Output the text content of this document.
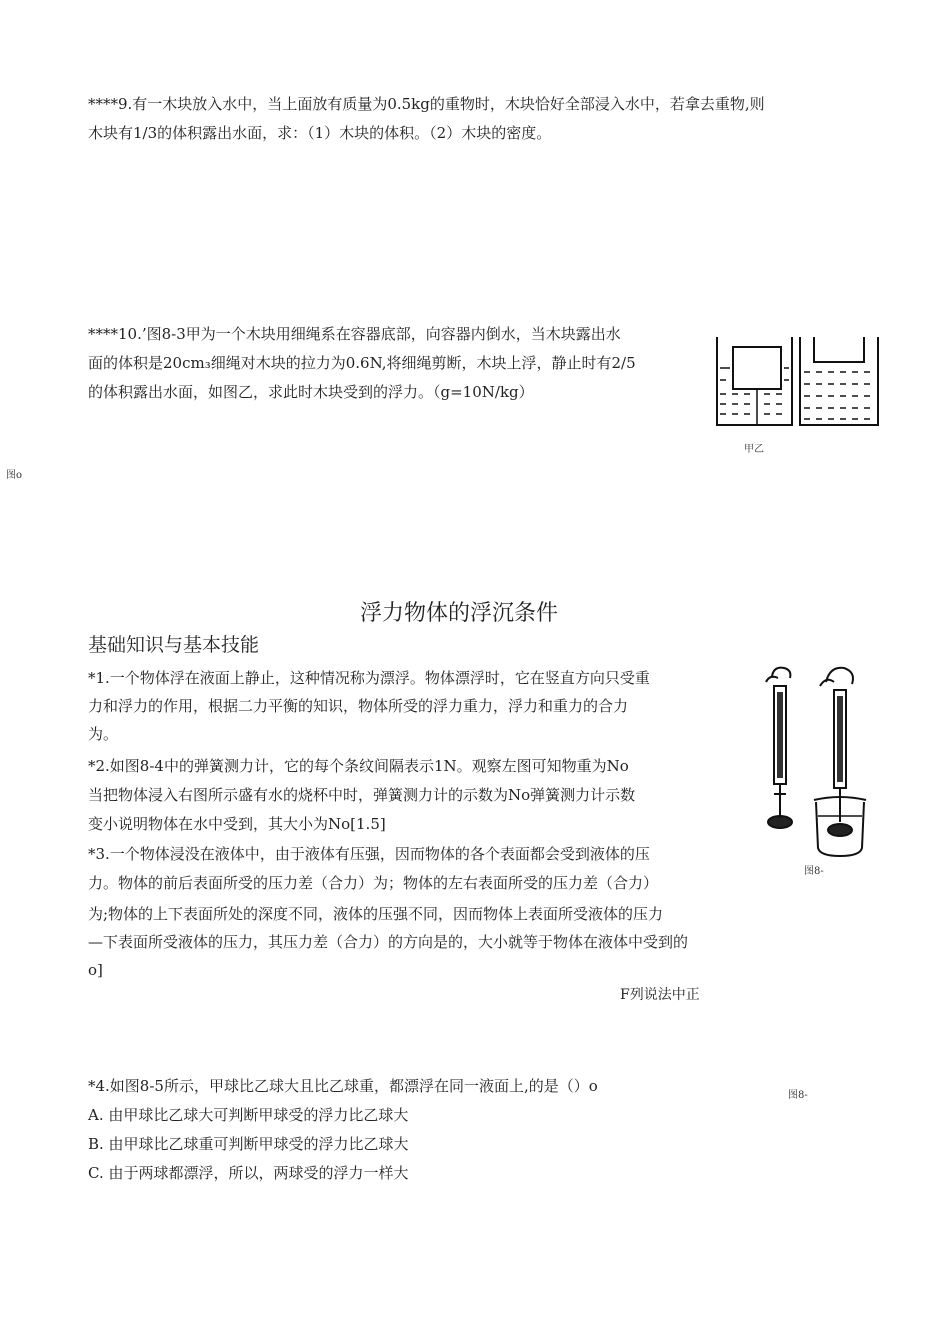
****9.有一木块放入水中，当上面放有质量为0.5kg的重物时，木块恰好全部浸入水中，若拿去重物,则
木块有1/3的体积露出水面，求：（1）木块的体积。（2）木块的密度。
****10.’图8-3甲为一个木块用细绳系在容器底部，向容器内倒水，当木块露出水
面的体积是20cm₃细绳对木块的拉力为0.6N,将细绳剪断，木块上浮，静止时有2/5
的体积露出水面，如图乙，求此时木块受到的浮力。（g=10N/kg）
甲乙
图o
浮力物体的浮沉条件
基础知识与基本技能
*1.一个物体浮在液面上静止，这种情况称为漂浮。物体漂浮时，它在竖直方向只受重
力和浮力的作用，根据二力平衡的知识，物体所受的浮力重力，浮力和重力的合力
为。
*2.如图8-4中的弹簧测力计，它的每个条纹间隔表示1N。观察左图可知物重为No
当把物体浸入右图所示盛有水的烧杯中时，弹簧测力计的示数为No弹簧测力计示数
变小说明物体在水中受到，其大小为No[1.5]
图8-
*3.一个物体浸没在液体中，由于液体有压强，因而物体的各个表面都会受到液体的压
力。物体的前后表面所受的压力差（合力）为；物体的左右表面所受的压力差（合力）
为;物体的上下表面所处的深度不同，液体的压强不同，因而物体上表面所受液体的压力
—下表面所受液体的压力，其压力差（合力）的方向是的，大小就等于物体在液体中受到的
o]
F列说法中正
*4.如图8-5所示，甲球比乙球大且比乙球重，都漂浮在同一液面上,的是（）o
图8-
A. 由甲球比乙球大可判断甲球受的浮力比乙球大
B. 由甲球比乙球重可判断甲球受的浮力比乙球大
C. 由于两球都漂浮，所以，两球受的浮力一样大
